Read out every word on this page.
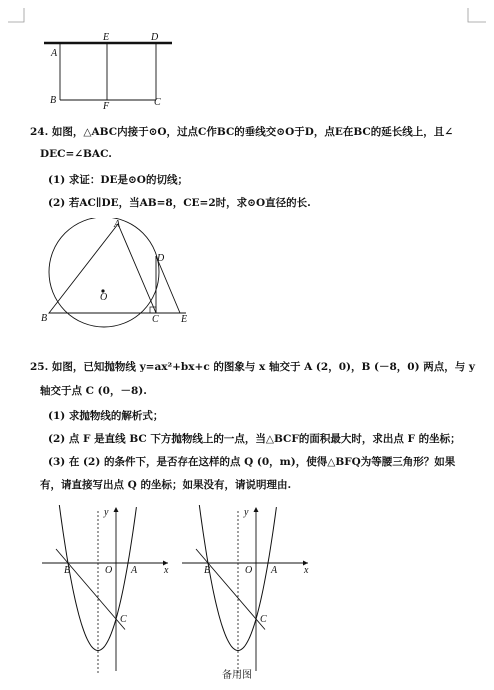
A
B	C
D
E
F
24. 如图，△ABC内接于⊙O，过点C作BC的垂线交⊙O于D，点E在BC的延长线上，且∠
DEC=∠BAC.
(1) 求证：DE是⊙O的切线；
(2) 若AC∥DE，当AB=8，CE=2时，求⊙O直径的长.
A
B	C
D
E
O
25. 如图，已知抛物线 y=ax²+bx+c 的图象与 x 轴交于 A (2，0)，B (－8，0) 两点，与 y
轴交于点 C (0，－8).
(1) 求抛物线的解析式；
(2) 点 F 是直线 BC 下方抛物线上的一点，当△BCF的面积最大时，求出点 F 的坐标；
(3) 在 (2) 的条件下，是否存在这样的点 Q (0，m)，使得△BFQ为等腰三角形？如果
有，请直接写出点 Q 的坐标；如果没有，请说明理由.
y
x
O A
B
C
y
x
O A
B
C
备用图
